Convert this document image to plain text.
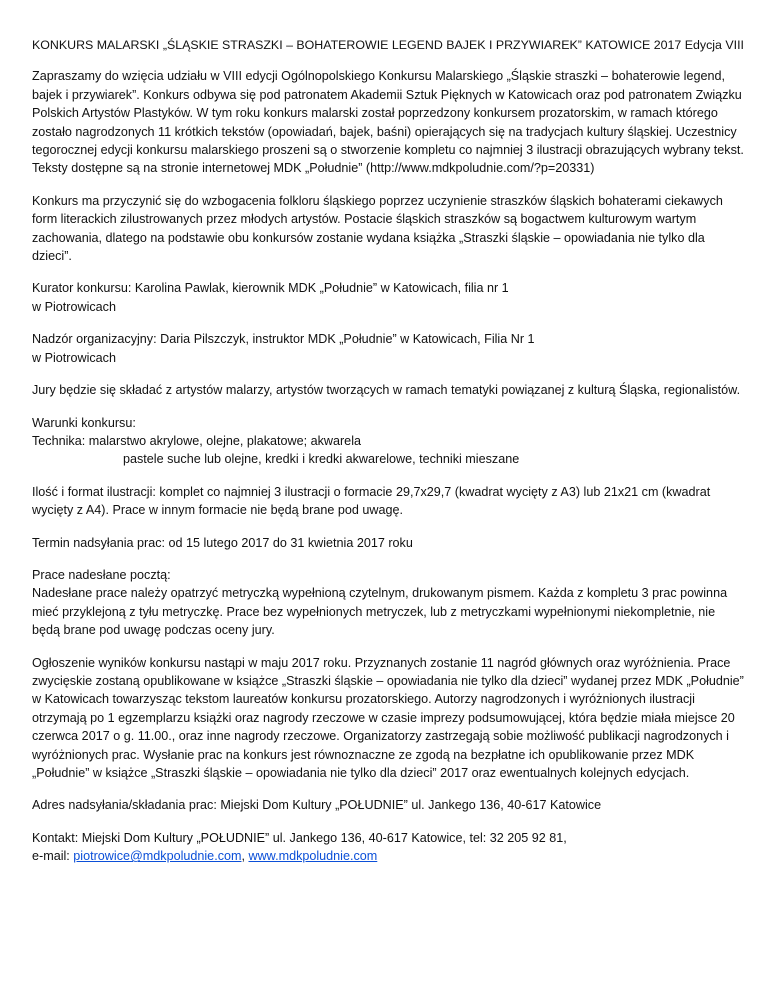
KONKURS MALARSKI „ŚLĄSKIE STRASZKI – BOHATEROWIE LEGEND BAJEK I PRZYWIAREK” KATOWICE 2017 Edycja VIII

Zapraszamy do wzięcia udziału w VIII edycji Ogólnopolskiego Konkursu Malarskiego „Śląskie straszki – bohaterowie legend, bajek i przywiarek”. Konkurs odbywa się pod patronatem Akademii Sztuk Pięknych w Katowicach oraz pod patronatem Związku Polskich Artystów Plastyków. W tym roku konkurs malarski został poprzedzony konkursem prozatorskim, w ramach którego zostało nagrodzonych 11 krótkich tekstów (opowiadań, bajek, baśni) opierających się na tradycjach kultury śląskiej. Uczestnicy tegorocznej edycji konkursu malarskiego proszeni są o stworzenie kompletu co najmniej 3 ilustracji obrazujących wybrany tekst. Teksty dostępne są na stronie internetowej MDK „Południe” (http://www.mdkpoludnie.com/?p=20331)

Konkurs ma przyczynić się do wzbogacenia folkloru śląskiego poprzez uczynienie straszków śląskich bohaterami ciekawych form literackich zilustrowanych przez młodych artystów. Postacie śląskich straszków są bogactwem kulturowym wartym zachowania, dlatego na podstawie obu konkursów zostanie wydana książka „Straszki śląskie – opowiadania nie tylko dla dzieci”.

Kurator konkursu: Karolina Pawlak, kierownik MDK „Południe” w Katowicach, filia nr 1
w Piotrowicach

Nadzór organizacyjny: Daria Pilszczyk, instruktor MDK „Południe” w Katowicach, Filia Nr 1
w Piotrowicach

Jury będzie się składać z artystów malarzy, artystów tworzących w ramach tematyki powiązanej z kulturą Śląska, regionalistów.

Warunki konkursu:
Technika: malarstwo akrylowe, olejne, plakatowe; akwarela
pastele suche lub olejne, kredki i kredki akwarelowe, techniki mieszane

Ilość i format ilustracji: komplet co najmniej 3 ilustracji o formacie 29,7x29,7 (kwadrat wycięty z A3) lub 21x21 cm (kwadrat wycięty z A4). Prace w innym formacie nie będą brane pod uwagę.

Termin nadsyłania prac: od 15 lutego 2017 do 31 kwietnia 2017 roku

Prace nadesłane pocztą:
Nadesłane prace należy opatrzyć metryczką wypełnioną czytelnym, drukowanym pismem. Każda z kompletu 3 prac powinna mieć przyklejoną z tyłu metryczkę. Prace bez wypełnionych metryczek, lub z metryczkami wypełnionymi niekompletnie, nie będą brane pod uwagę podczas oceny jury.

Ogłoszenie wyników konkursu nastąpi w maju 2017 roku. Przyznanych zostanie 11 nagród głównych oraz wyróżnienia. Prace zwycięskie zostaną opublikowane w książce „Straszki śląskie – opowiadania nie tylko dla dzieci” wydanej przez MDK „Południe” w Katowicach towarzysząc tekstom laureatów konkursu prozatorskiego. Autorzy nagrodzonych i wyróżnionych ilustracji otrzymają po 1 egzemplarzu książki oraz nagrody rzeczowe w czasie imprezy podsumowującej, która będzie miała miejsce 20 czerwca 2017 o g. 11.00., oraz inne nagrody rzeczowe. Organizatorzy zastrzegają sobie możliwość publikacji nagrodzonych i wyróżnionych prac. Wysłanie prac na konkurs jest równoznaczne ze zgodą na bezpłatne ich opublikowanie przez MDK „Południe” w książce „Straszki śląskie – opowiadania nie tylko dla dzieci” 2017 oraz ewentualnych kolejnych edycjach.

Adres nadsyłania/składania prac: Miejski Dom Kultury „POŁUDNIE” ul. Jankego 136, 40-617 Katowice

Kontakt: Miejski Dom Kultury „POŁUDNIE” ul. Jankego 136, 40-617 Katowice, tel: 32 205 92 81,
e-mail: piotrowice@mdkpoludnie.com, www.mdkpoludnie.com
